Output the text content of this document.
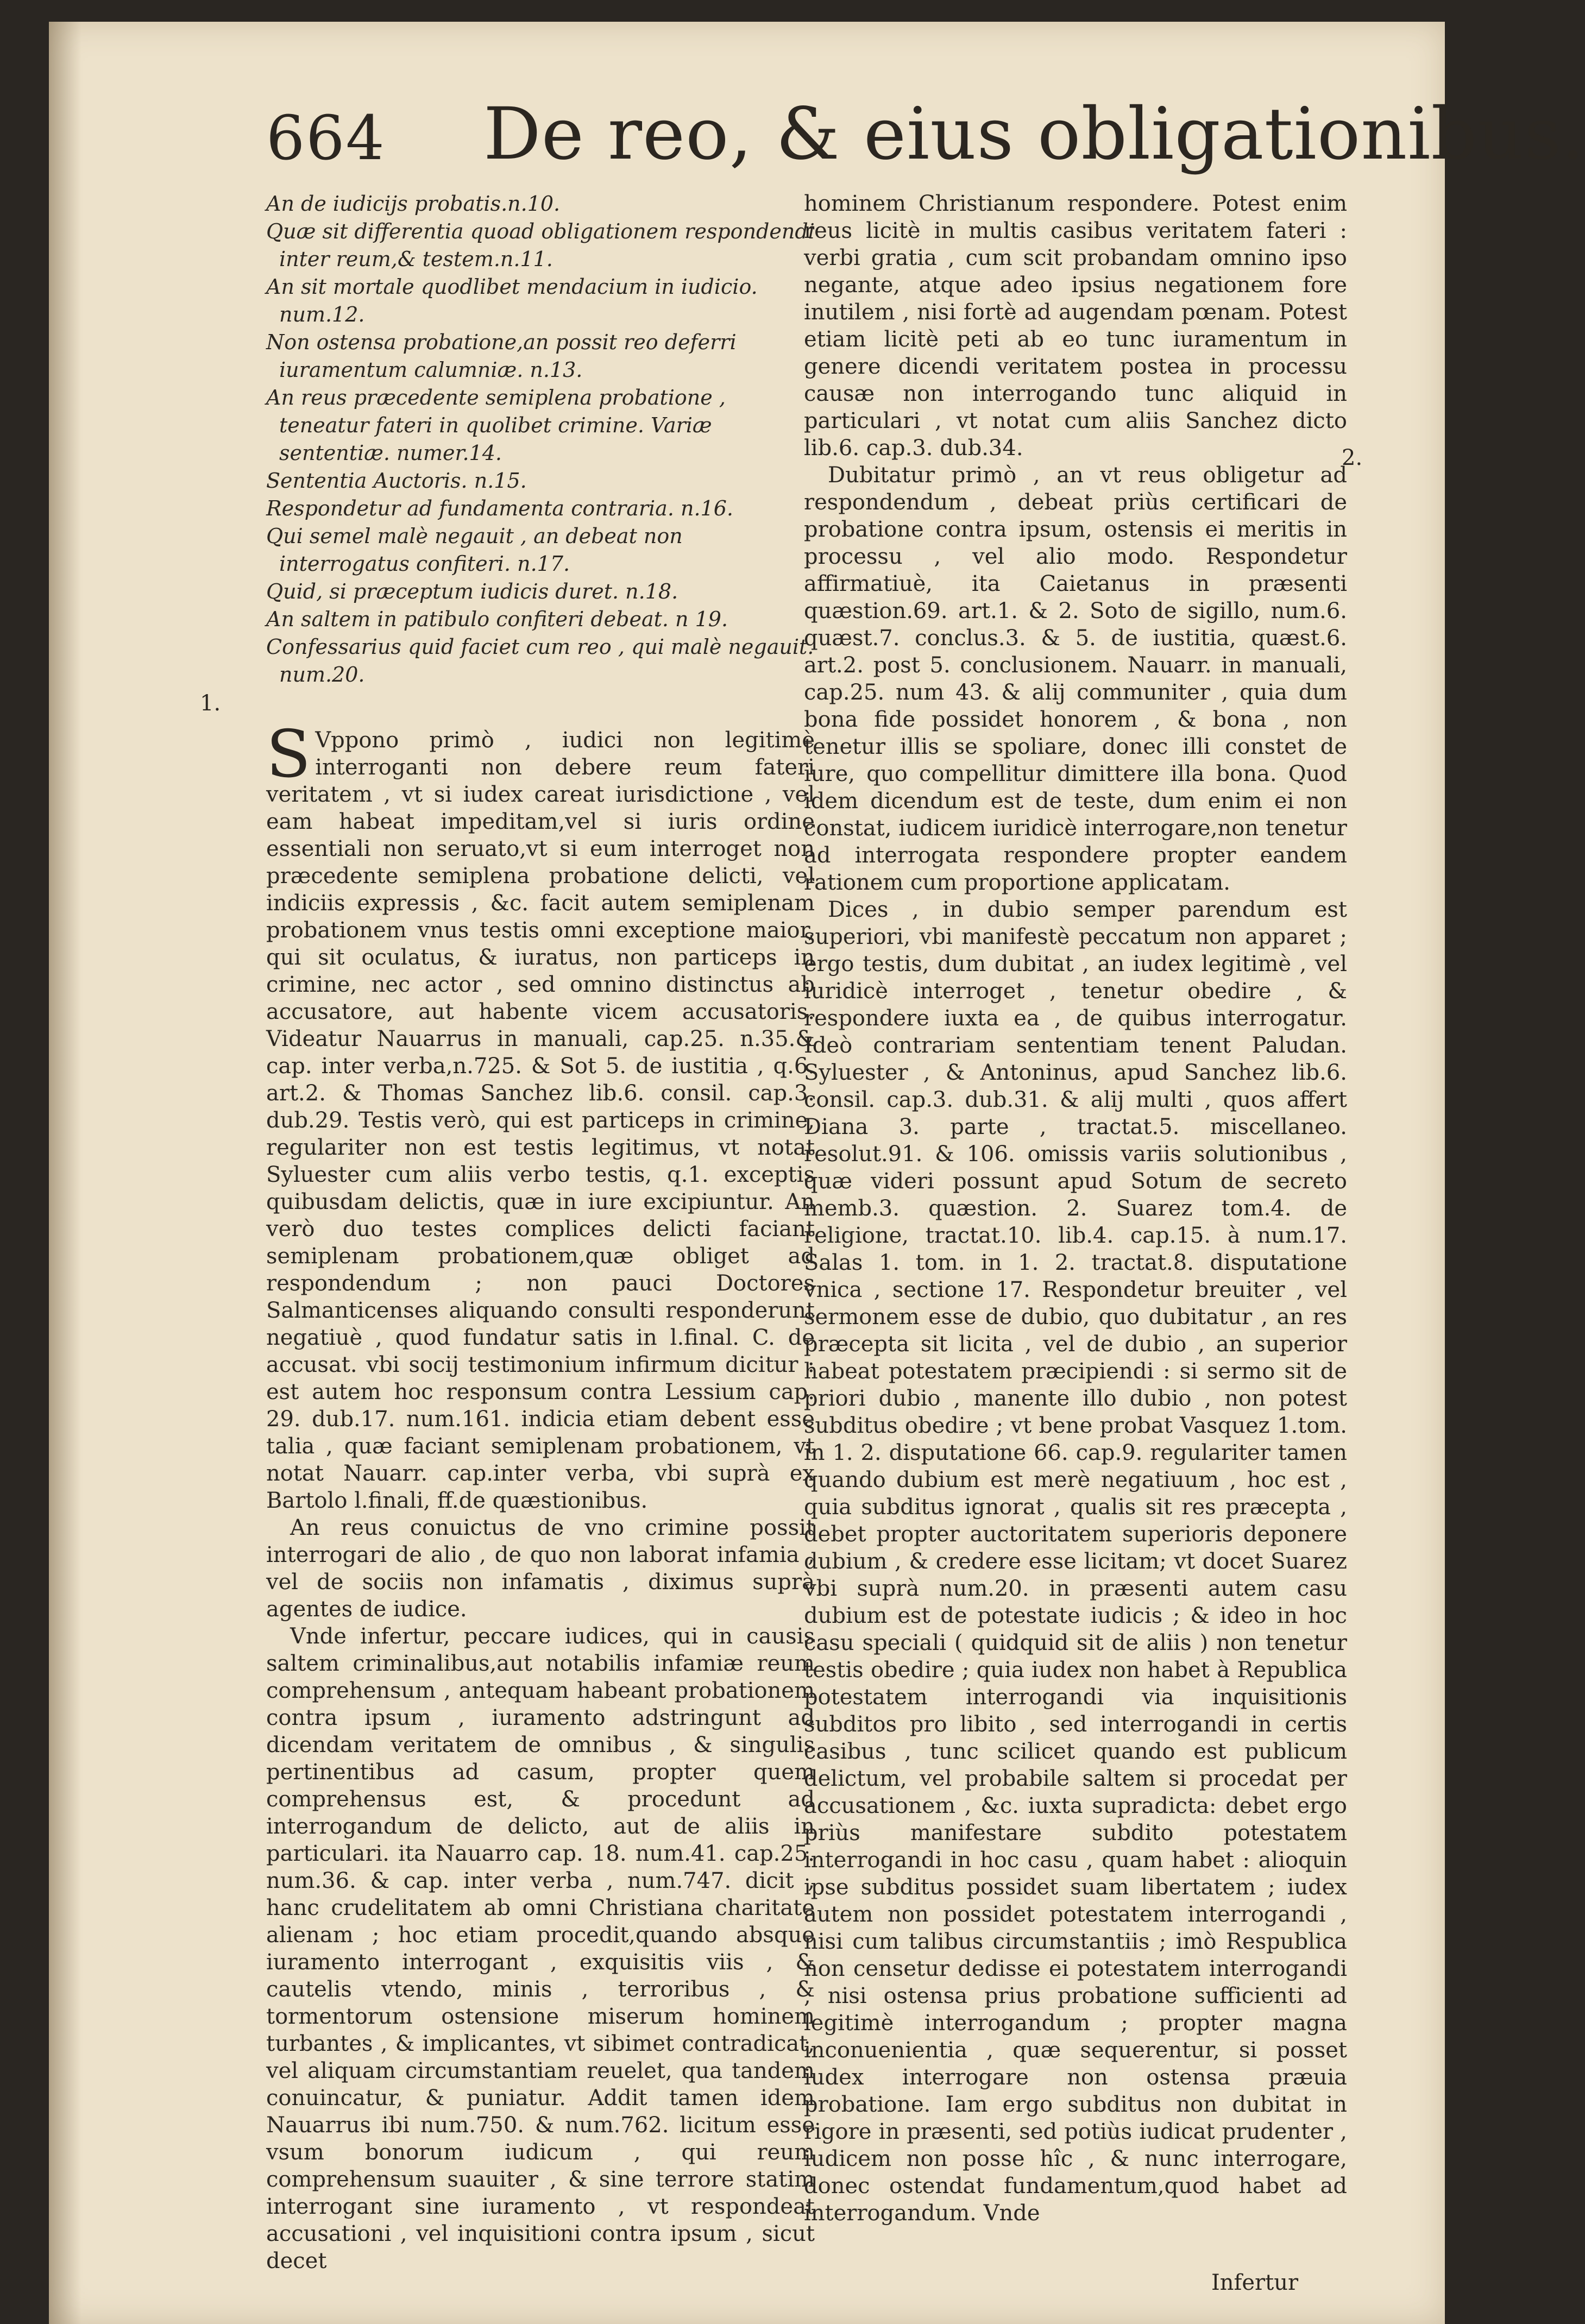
664 De reo, & eius obligationibus.
1.
2.

An de iudicijs probatis.n.10.

Quæ sit differentia quoad obligationem respondendi inter reum,& testem.n.11.

An sit mortale quodlibet mendacium in iudicio. num.12.

Non ostensa probatione,an possit reo deferri iuramentum calumniæ. n.13.

An reus præcedente semiplena probatione , teneatur fateri in quolibet crimine. Variæ sententiæ. numer.14.

Sententia Auctoris. n.15.

Respondetur ad fundamenta contraria. n.16.

Qui semel malè negauit , an debeat non interrogatus confiteri. n.17.

Quid, si præceptum iudicis duret. n.18.

An saltem in patibulo confiteri debeat. n 19.

Confessarius quid faciet cum reo , qui malè negauit. num.20.

S Vppono primò , iudici non legitimè interroganti non debere reum fateri veritatem , vt si iudex careat iurisdictione , vel eam habeat impeditam,vel si iuris ordine essentiali non seruato,vt si eum interroget non præcedente semiplena probatione delicti, vel indiciis expressis , &c. facit autem semiplenam probationem vnus testis omni exceptione maior, qui sit oculatus, & iuratus, non particeps in crimine, nec actor , sed omnino distinctus ab accusatore, aut habente vicem accusatoris. Videatur Nauarrus in manuali, cap.25. n.35.& cap. inter verba,n.725. & Sot 5. de iustitia , q.6. art.2. & Thomas Sanchez lib.6. consil. cap.3. dub.29. Testis verò, qui est particeps in crimine, regulariter non est testis legitimus, vt notat Syluester cum aliis verbo testis, q.1. exceptis quibusdam delictis, quæ in iure excipiuntur. An verò duo testes complices delicti faciant semiplenam probationem,quæ obliget ad respondendum ; non pauci Doctores Salmanticenses aliquando consulti responderunt negatiuè , quod fundatur satis in l.final. C. de accusat. vbi socij testimonium infirmum dicitur : est autem hoc responsum contra Lessium cap. 29. dub.17. num.161. indicia etiam debent esse talia , quæ faciant semiplenam probationem, vt notat Nauarr. cap.inter verba, vbi suprà ex Bartolo l.finali, ff.de quæstionibus.

An reus conuictus de vno crimine possit interrogari de alio , de quo non laborat infamia , vel de sociis non infamatis , diximus suprà agentes de iudice.

Vnde infertur, peccare iudices, qui in causis saltem criminalibus,aut notabilis infamiæ reum comprehensum , antequam habeant probationem contra ipsum , iuramento adstringunt ad dicendam veritatem de omnibus , & singulis pertinentibus ad casum, propter quem comprehensus est, & procedunt ad interrogandum de delicto, aut de aliis in particulari. ita Nauarro cap. 18. num.41. cap.25. num.36. & cap. inter verba , num.747. dicit , hanc crudelitatem ab omni Christiana charitate alienam ; hoc etiam procedit,quando absque iuramento interrogant , exquisitis viis , & cautelis vtendo, minis , terroribus , & tormentorum ostensione miserum hominem turbantes , & implicantes, vt sibimet contradicat, vel aliquam circumstantiam reuelet, qua tandem conuincatur, & puniatur. Addit tamen idem Nauarrus ibi num.750. & num.762. licitum esse vsum bonorum iudicum , qui reum comprehensum suauiter , & sine terrore statim interrogant sine iuramento , vt respondeat accusationi , vel inquisitioni contra ipsum , sicut decet

hominem Christianum respondere. Potest enim reus licitè in multis casibus veritatem fateri : verbi gratia , cum scit probandam omnino ipso negante, atque adeo ipsius negationem fore inutilem , nisi fortè ad augendam pœnam. Potest etiam licitè peti ab eo tunc iuramentum in genere dicendi veritatem postea in processu causæ non interrogando tunc aliquid in particulari , vt notat cum aliis Sanchez dicto lib.6. cap.3. dub.34.

Dubitatur primò , an vt reus obligetur ad respondendum , debeat priùs certificari de probatione contra ipsum, ostensis ei meritis in processu , vel alio modo. Respondetur affirmatiuè, ita Caietanus in præsenti quæstion.69. art.1. & 2. Soto de sigillo, num.6. quæst.7. conclus.3. & 5. de iustitia, quæst.6. art.2. post 5. conclusionem. Nauarr. in manuali, cap.25. num 43. & alij communiter , quia dum bona fide possidet honorem , & bona , non tenetur illis se spoliare, donec illi constet de iure, quo compellitur dimittere illa bona. Quod idem dicendum est de teste, dum enim ei non constat, iudicem iuridicè interrogare,non tenetur ad interrogata respondere propter eandem rationem cum proportione applicatam.

Dices , in dubio semper parendum est superiori, vbi manifestè peccatum non apparet ; ergo testis, dum dubitat , an iudex legitimè , vel iuridicè interroget , tenetur obedire , & respondere iuxta ea , de quibus interrogatur. Ideò contrariam sententiam tenent Paludan. Syluester , & Antoninus, apud Sanchez lib.6. consil. cap.3. dub.31. & alij multi , quos affert Diana 3. parte , tractat.5. miscellaneo. resolut.91. & 106. omissis variis solutionibus , quæ videri possunt apud Sotum de secreto memb.3. quæstion. 2. Suarez tom.4. de religione, tractat.10. lib.4. cap.15. à num.17. Salas 1. tom. in 1. 2. tractat.8. disputatione vnica , sectione 17. Respondetur breuiter , vel sermonem esse de dubio, quo dubitatur , an res præcepta sit licita , vel de dubio , an superior habeat potestatem præcipiendi : si sermo sit de priori dubio , manente illo dubio , non potest subditus obedire ; vt bene probat Vasquez 1.tom. in 1. 2. disputatione 66. cap.9. regulariter tamen quando dubium est merè negatiuum , hoc est , quia subditus ignorat , qualis sit res præcepta , debet propter auctoritatem superioris deponere dubium , & credere esse licitam; vt docet Suarez vbi suprà num.20. in præsenti autem casu dubium est de potestate iudicis ; & ideo in hoc casu speciali ( quidquid sit de aliis ) non tenetur testis obedire ; quia iudex non habet à Republica potestatem interrogandi via inquisitionis subditos pro libito , sed interrogandi in certis casibus , tunc scilicet quando est publicum delictum, vel probabile saltem si procedat per accusationem , &c. iuxta supradicta: debet ergo priùs manifestare subdito potestatem interrogandi in hoc casu , quam habet : alioquin ipse subditus possidet suam libertatem ; iudex autem non possidet potestatem interrogandi , nisi cum talibus circumstantiis ; imò Respublica non censetur dedisse ei potestatem interrogandi , nisi ostensa prius probatione sufficienti ad legitimè interrogandum ; propter magna inconuenientia , quæ sequerentur, si posset iudex interrogare non ostensa præuia probatione. Iam ergo subditus non dubitat in rigore in præsenti, sed potiùs iudicat prudenter , iudicem non posse hîc , & nunc interrogare, donec ostendat fundamentum,quod habet ad interrogandum. Vnde

Infertur
